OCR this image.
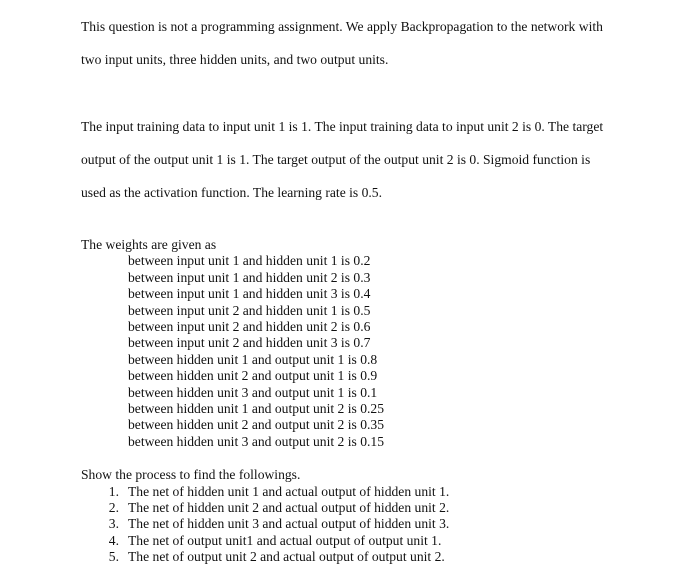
This question is not a programming assignment. We apply Backpropagation to the network with

two input units, three hidden units, and two output units.

The input training data to input unit 1 is 1. The input training data to input unit 2 is 0. The target

output of the output unit 1 is 1. The target output of the output unit 2 is 0. Sigmoid function is

used as the activation function. The learning rate is 0.5.

The weights are given as
between input unit 1 and hidden unit 1 is 0.2
between input unit 1 and hidden unit 2 is 0.3
between input unit 1 and hidden unit 3 is 0.4
between input unit 2 and hidden unit 1 is 0.5
between input unit 2 and hidden unit 2 is 0.6
between input unit 2 and hidden unit 3 is 0.7
between hidden unit 1 and output unit 1 is 0.8
between hidden unit 2 and output unit 1 is 0.9
between hidden unit 3 and output unit 1 is 0.1
between hidden unit 1 and output unit 2 is 0.25
between hidden unit 2 and output unit 2 is 0.35
between hidden unit 3 and output unit 2 is 0.15
Show the process to find the followings.
1. The net of hidden unit 1 and actual output of hidden unit 1.
2. The net of hidden unit 2 and actual output of hidden unit 2.
3. The net of hidden unit 3 and actual output of hidden unit 3.
4. The net of output unit1 and actual output of output unit 1.
5. The net of output unit 2 and actual output of output unit 2.
